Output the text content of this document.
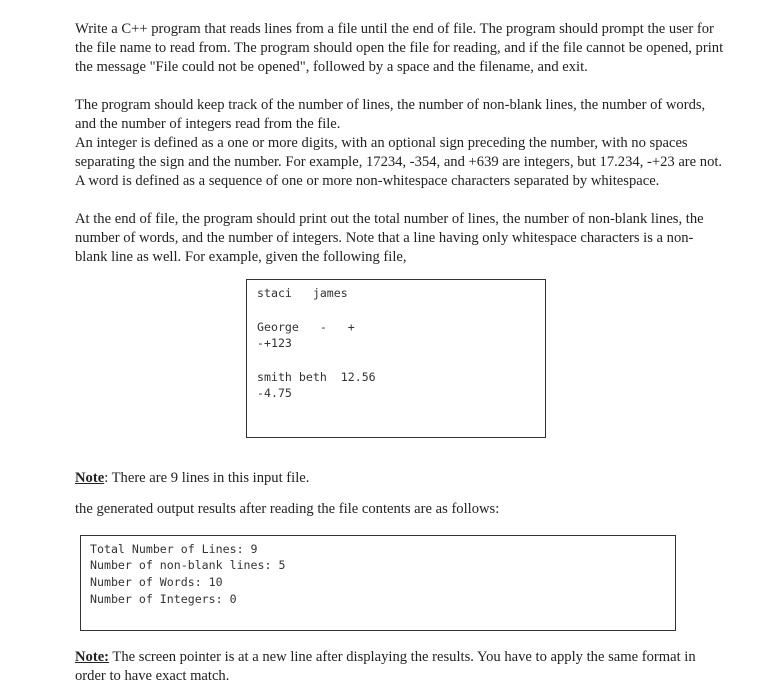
Write a C++ program that reads lines from a file until the end of file. The program should prompt the user for the file name to read from. The program should open the file for reading, and if the file cannot be opened, print the message "File could not be opened", followed by a space and the filename, and exit.

The program should keep track of the number of lines, the number of non-blank lines, the number of words, and the number of integers read from the file.

An integer is defined as a one or more digits, with an optional sign preceding the number, with no spaces separating the sign and the number. For example, 17234, -354, and +639 are integers, but 17.234, -+23 are not. A word is defined as a sequence of one or more non-whitespace characters separated by whitespace.

At the end of file, the program should print out the total number of lines, the number of non-blank lines, the number of words, and the number of integers. Note that a line having only whitespace characters is a non-blank line as well. For example, given the following file,

staci   james
George   -   +
-+123
smith beth  12.56
-4.75

Note: There are 9 lines in this input file.

the generated output results after reading the file contents are as follows:

Total Number of Lines: 9
Number of non-blank lines: 5
Number of Words: 10
Number of Integers: 0

Note: The screen pointer is at a new line after displaying the results. You have to apply the same format in order to have exact match.
